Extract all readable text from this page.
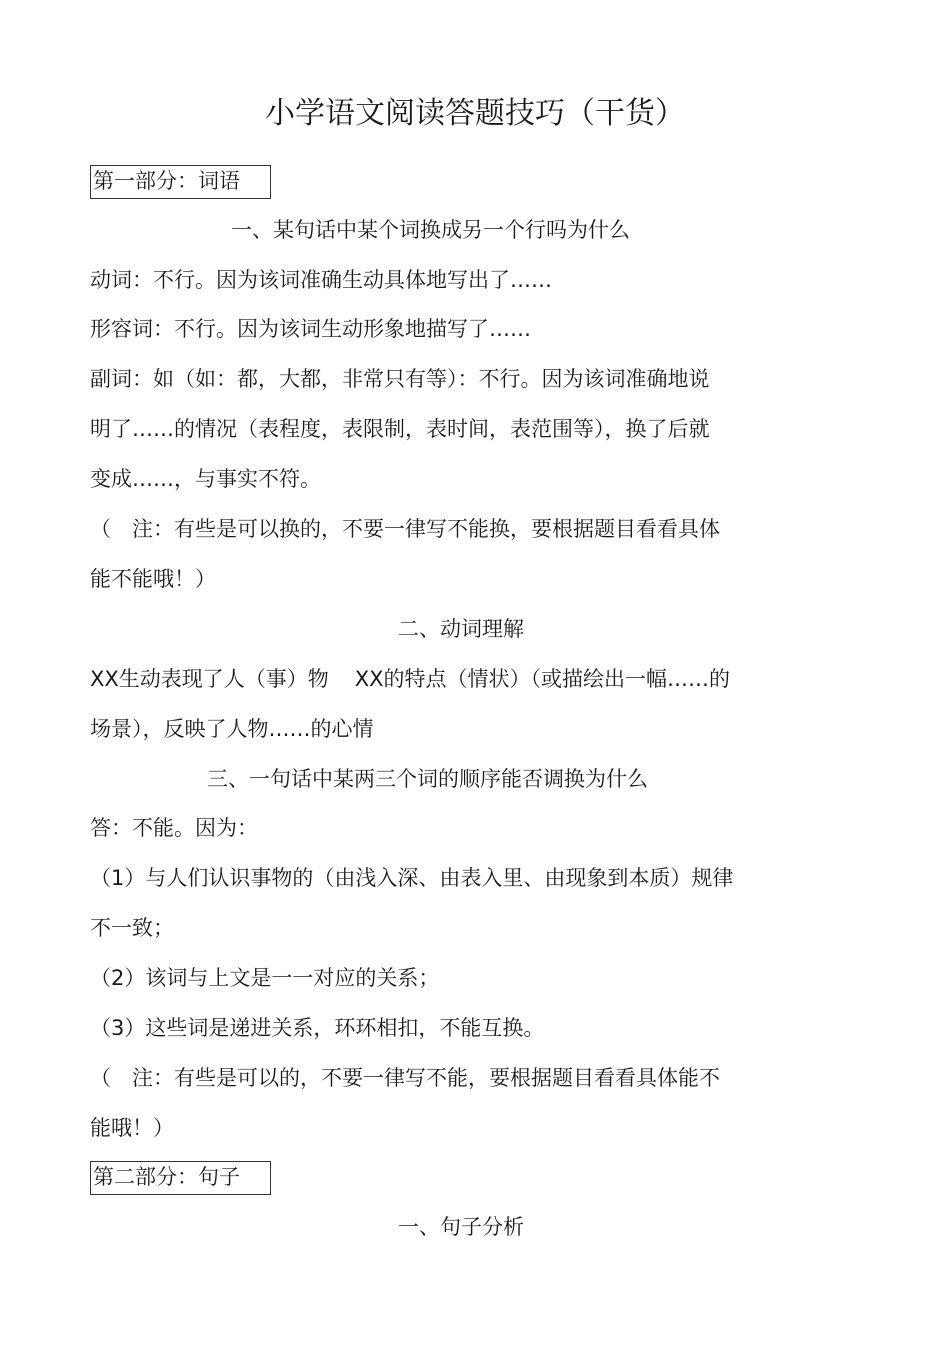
小学语文阅读答题技巧（干货）
第一部分：词语
一、某句话中某个词换成另一个行吗为什么
动词：不行。因为该词准确生动具体地写出了……
形容词：不行。因为该词生动形象地描写了……
副词：如（如：都，大都，非常只有等）：不行。因为该词准确地说
明了……的情况（表程度，表限制，表时间，表范围等），换了后就
变成……，与事实不符。
（　注：有些是可以换的，不要一律写不能换，要根据题目看看具体
能不能哦！）
二、动词理解
XX生动表现了人（事）物 XX的特点（情状）（或描绘出一幅……的
场景），反映了人物……的心情
三、一句话中某两三个词的顺序能否调换为什么
答：不能。因为：
（1）与人们认识事物的（由浅入深、由表入里、由现象到本质）规律
不一致；
（2）该词与上文是一一对应的关系；
（3）这些词是递进关系，环环相扣，不能互换。
（　注：有些是可以的，不要一律写不能，要根据题目看看具体能不
能哦！）
第二部分：句子
一、句子分析
